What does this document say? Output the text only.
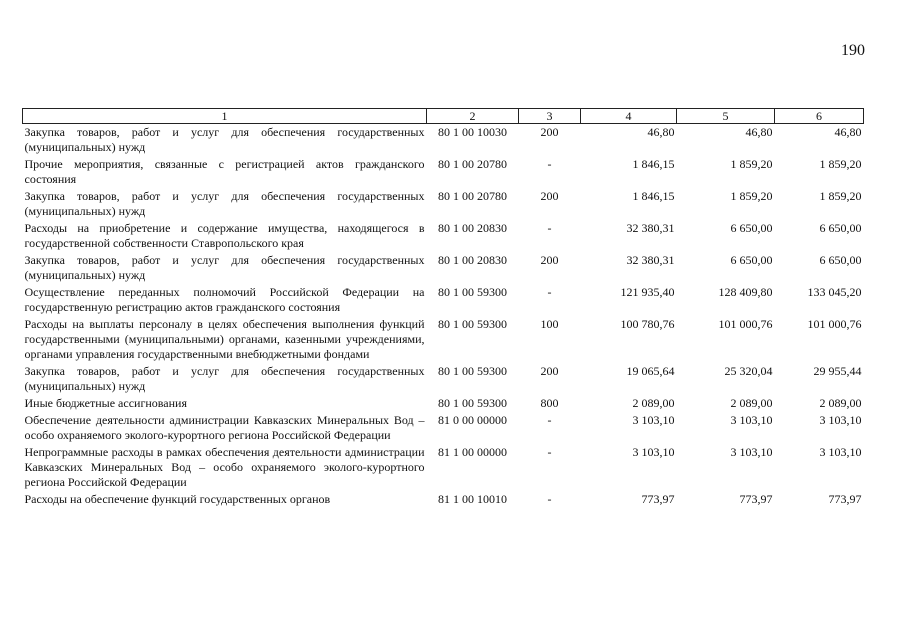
190
1	2	3	4	5	6
Закупка товаров, работ и услуг для обеспечения государственных (муниципальных) нужд	80 1 00 10030	200	46,80	46,80	46,80
Прочие мероприятия, связанные с регистрацией актов гражданского состояния	80 1 00 20780	-	1 846,15	1 859,20	1 859,20
Закупка товаров, работ и услуг для обеспечения государственных (муниципальных) нужд	80 1 00 20780	200	1 846,15	1 859,20	1 859,20
Расходы на приобретение и содержание имущества, находящегося в государственной собственности Ставропольского края	80 1 00 20830	-	32 380,31	6 650,00	6 650,00
Закупка товаров, работ и услуг для обеспечения государственных (муниципальных) нужд	80 1 00 20830	200	32 380,31	6 650,00	6 650,00
Осуществление переданных полномочий Российской Федерации на государственную регистрацию актов гражданского состояния	80 1 00 59300	-	121 935,40	128 409,80	133 045,20
Расходы на выплаты персоналу в целях обеспечения выполнения функций государственными (муниципальными) органами, казенными учреждениями, органами управления государственными внебюджетными фондами	80 1 00 59300	100	100 780,76	101 000,76	101 000,76
Закупка товаров, работ и услуг для обеспечения государственных (муниципальных) нужд	80 1 00 59300	200	19 065,64	25 320,04	29 955,44
Иные бюджетные ассигнования	80 1 00 59300	800	2 089,00	2 089,00	2 089,00
Обеспечение деятельности администрации Кавказских Минеральных Вод – особо охраняемого эколого-курортного региона Российской Федерации	81 0 00 00000	-	3 103,10	3 103,10	3 103,10
Непрограммные расходы в рамках обеспечения деятельности администрации Кавказских Минеральных Вод – особо охраняемого эколого-курортного региона Российской Федерации	81 1 00 00000	-	3 103,10	3 103,10	3 103,10
Расходы на обеспечение функций государственных органов	81 1 00 10010	-	773,97	773,97	773,97
